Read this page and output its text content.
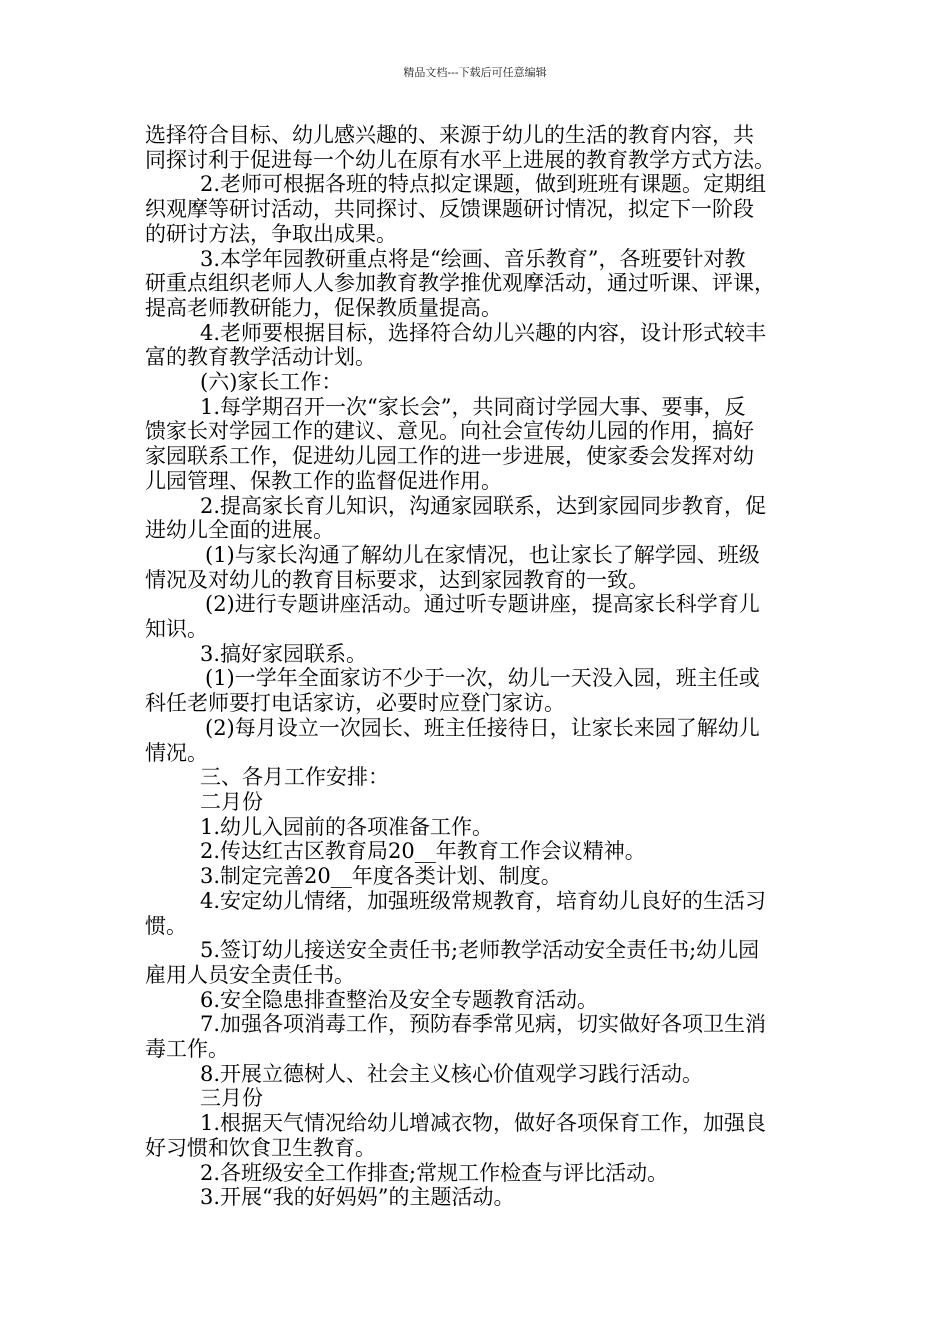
精品文档---下载后可任意编辑

选择符合目标、幼儿感兴趣的、来源于幼儿的生活的教育内容，共

同探讨利于促进每一个幼儿在原有水平上进展的教育教学方式方法。

2.老师可根据各班的特点拟定课题，做到班班有课题。定期组

织观摩等研讨活动，共同探讨、反馈课题研讨情况，拟定下一阶段

的研讨方法，争取出成果。

3.本学年园教研重点将是“绘画、音乐教育”，各班要针对教

研重点组织老师人人参加教育教学推优观摩活动，通过听课、评课，

提高老师教研能力，促保教质量提高。

4.老师要根据目标，选择符合幼儿兴趣的内容，设计形式较丰

富的教育教学活动计划。

(六)家长工作：

1.每学期召开一次“家长会”，共同商讨学园大事、要事，反

馈家长对学园工作的建议、意见。向社会宣传幼儿园的作用，搞好

家园联系工作，促进幼儿园工作的进一步进展，使家委会发挥对幼

儿园管理、保教工作的监督促进作用。

2.提高家长育儿知识，沟通家园联系，达到家园同步教育，促

进幼儿全面的进展。

(1)与家长沟通了解幼儿在家情况，也让家长了解学园、班级

情况及对幼儿的教育目标要求，达到家园教育的一致。

(2)进行专题讲座活动。通过听专题讲座，提高家长科学育儿

知识。

3.搞好家园联系。

(1)一学年全面家访不少于一次，幼儿一天没入园，班主任或

科任老师要打电话家访，必要时应登门家访。

(2)每月设立一次园长、班主任接待日，让家长来园了解幼儿

情况。

三、各月工作安排：

二月份

1.幼儿入园前的各项准备工作。

2.传达红古区教育局20__年教育工作会议精神。

3.制定完善20__年度各类计划、制度。

4.安定幼儿情绪，加强班级常规教育，培育幼儿良好的生活习

惯。

5.签订幼儿接送安全责任书;老师教学活动安全责任书;幼儿园

雇用人员安全责任书。

6.安全隐患排查整治及安全专题教育活动。

7.加强各项消毒工作，预防春季常见病，切实做好各项卫生消

毒工作。

8.开展立德树人、社会主义核心价值观学习践行活动。

三月份

1.根据天气情况给幼儿增减衣物，做好各项保育工作，加强良

好习惯和饮食卫生教育。

2.各班级安全工作排查;常规工作检查与评比活动。

3.开展“我的好妈妈”的主题活动。
